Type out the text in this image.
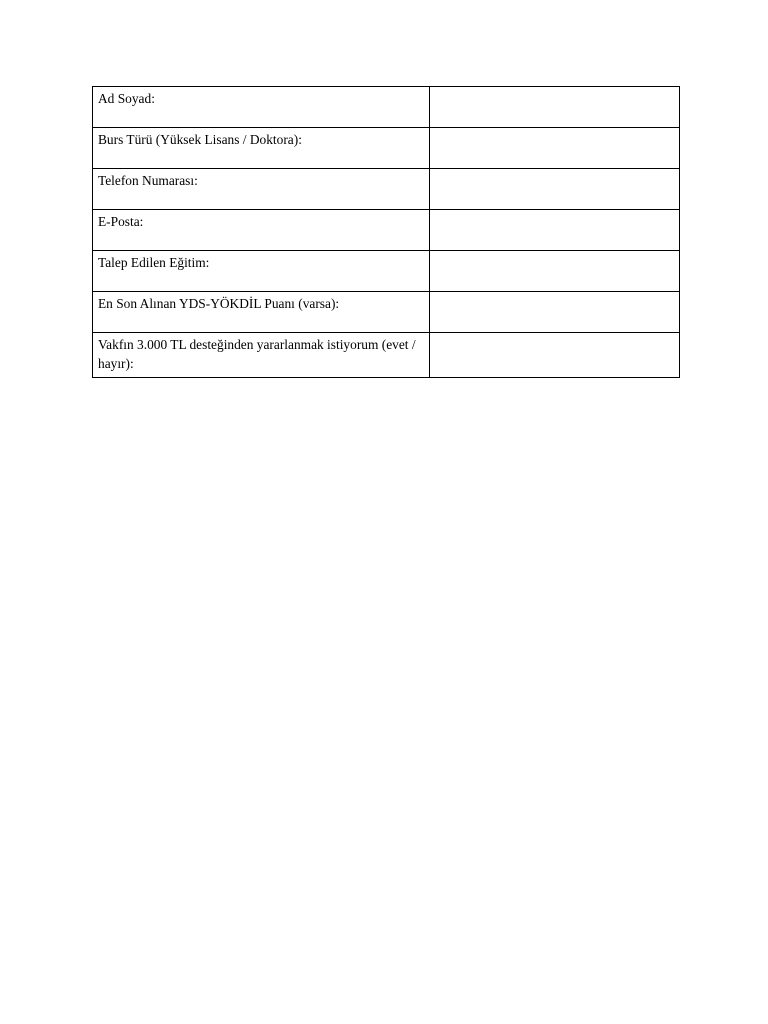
Ad Soyad:	
Burs Türü (Yüksek Lisans / Doktora):	
Telefon Numarası:	
E-Posta:	
Talep Edilen Eğitim:	
En Son Alınan YDS-YÖKDİL Puanı (varsa):	
Vakfın 3.000 TL desteğinden yararlanmak istiyorum (evet / hayır):	
